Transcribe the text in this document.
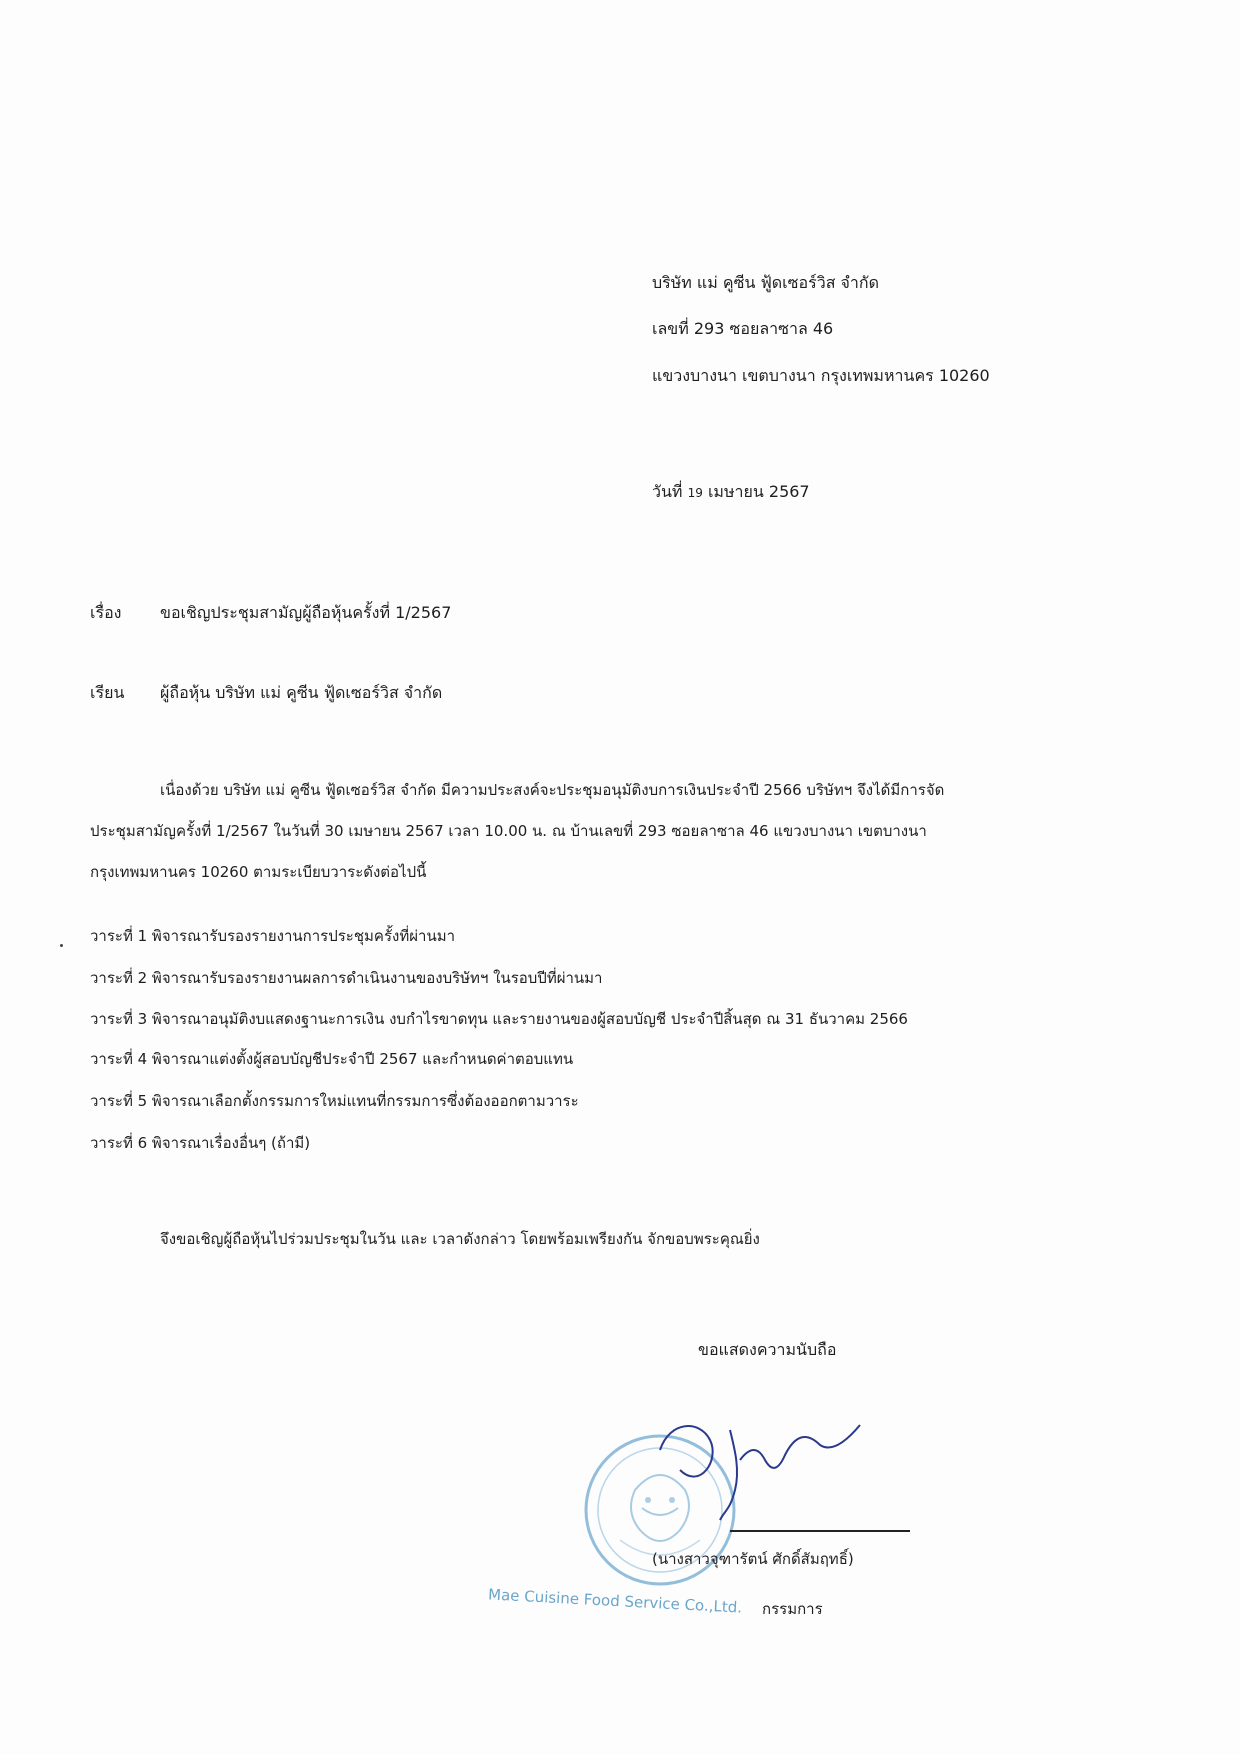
บริษัท แม่ คูซีน ฟู้ดเซอร์วิส จำกัด
เลขที่ 293 ซอยลาซาล 46
แขวงบางนา เขตบางนา กรุงเทพมหานคร 10260
วันที่ 19 เมษายน 2567
เรื่อง ขอเชิญประชุมสามัญผู้ถือหุ้นครั้งที่ 1/2567
เรียน ผู้ถือหุ้น บริษัท แม่ คูซีน ฟู้ดเซอร์วิส จำกัด
เนื่องด้วย บริษัท แม่ คูซีน ฟู้ดเซอร์วิส จำกัด มีความประสงค์จะประชุมอนุมัติงบการเงินประจำปี 2566 บริษัทฯ จึงได้มีการจัด
ประชุมสามัญครั้งที่ 1/2567 ในวันที่ 30 เมษายน 2567 เวลา 10.00 น. ณ บ้านเลขที่ 293 ซอยลาซาล 46 แขวงบางนา เขตบางนา
กรุงเทพมหานคร 10260 ตามระเบียบวาระดังต่อไปนี้
วาระที่ 1 พิจารณารับรองรายงานการประชุมครั้งที่ผ่านมา
วาระที่ 2 พิจารณารับรองรายงานผลการดำเนินงานของบริษัทฯ ในรอบปีที่ผ่านมา
วาระที่ 3 พิจารณาอนุมัติงบแสดงฐานะการเงิน งบกำไรขาดทุน และรายงานของผู้สอบบัญชี ประจำปีสิ้นสุด ณ 31 ธันวาคม 2566
วาระที่ 4 พิจารณาแต่งตั้งผู้สอบบัญชีประจำปี 2567 และกำหนดค่าตอบแทน
วาระที่ 5 พิจารณาเลือกตั้งกรรมการใหม่แทนที่กรรมการซึ่งต้องออกตามวาระ
วาระที่ 6 พิจารณาเรื่องอื่นๆ (ถ้ามี)
จึงขอเชิญผู้ถือหุ้นไปร่วมประชุมในวัน และ เวลาดังกล่าว โดยพร้อมเพรียงกัน จักขอบพระคุณยิ่ง
ขอแสดงความนับถือ
(นางสาวจุฑารัตน์ ศักดิ์สัมฤทธิ์)
กรรมการ
Mae Cuisine Food Service Co.,Ltd.
